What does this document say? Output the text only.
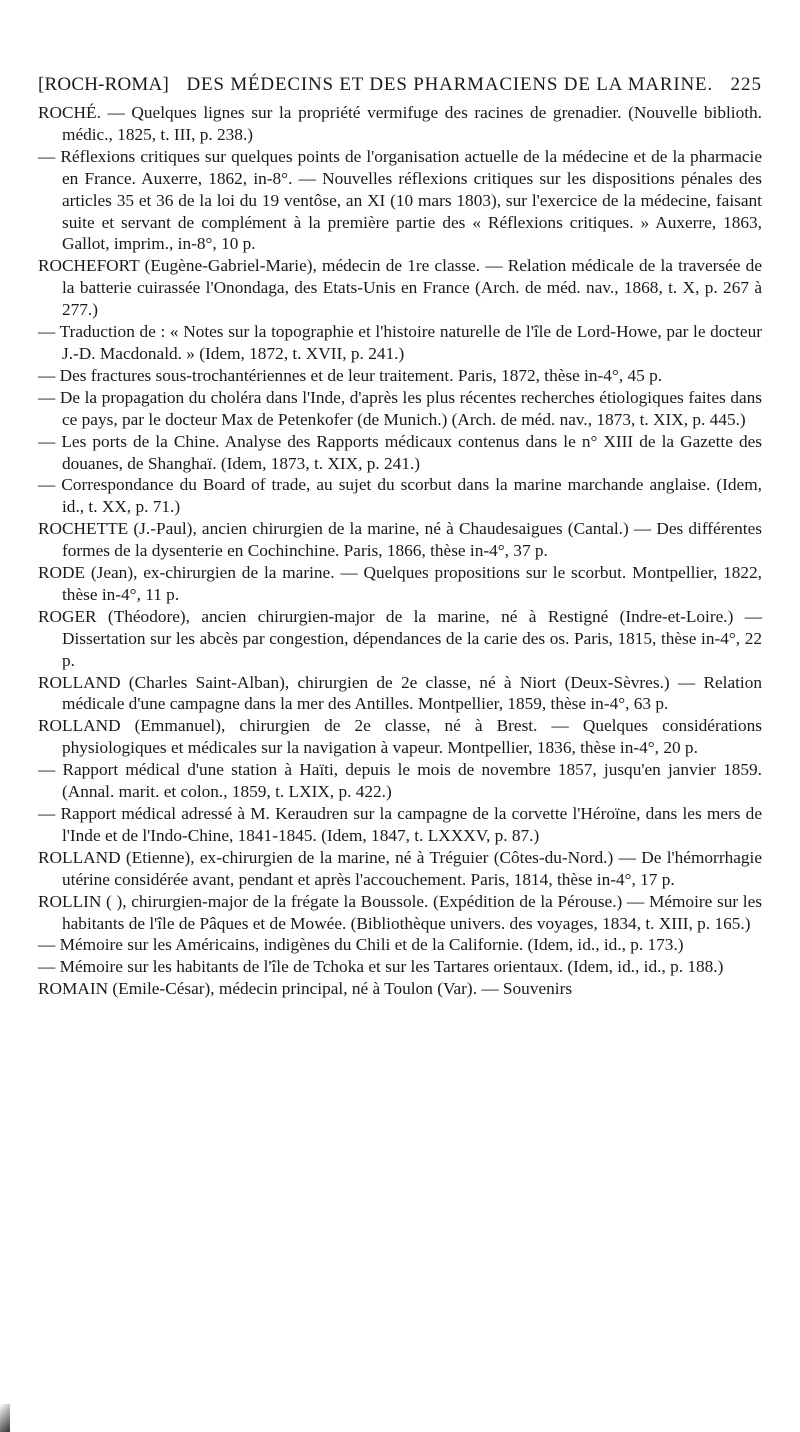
[ROCH-ROMA] DES MÉDECINS ET DES PHARMACIENS DE LA MARINE. 225

ROCHÉ. — Quelques lignes sur la propriété vermifuge des racines de grenadier. (Nouvelle biblioth. médic., 1825, t. III, p. 238.)

— Réflexions critiques sur quelques points de l'organisation actuelle de la médecine et de la pharmacie en France. Auxerre, 1862, in-8°. — Nouvelles réflexions critiques sur les dispositions pénales des articles 35 et 36 de la loi du 19 ventôse, an XI (10 mars 1803), sur l'exercice de la médecine, faisant suite et servant de complément à la première partie des « Réflexions critiques. » Auxerre, 1863, Gallot, imprim., in-8°, 10 p.

ROCHEFORT (Eugène-Gabriel-Marie), médecin de 1re classe. — Relation médicale de la traversée de la batterie cuirassée l'Onondaga, des Etats-Unis en France (Arch. de méd. nav., 1868, t. X, p. 267 à 277.)

— Traduction de : « Notes sur la topographie et l'histoire naturelle de l'île de Lord-Howe, par le docteur J.-D. Macdonald. » (Idem, 1872, t. XVII, p. 241.)

— Des fractures sous-trochantériennes et de leur traitement. Paris, 1872, thèse in-4°, 45 p.

— De la propagation du choléra dans l'Inde, d'après les plus récentes recherches étiologiques faites dans ce pays, par le docteur Max de Petenkofer (de Munich.) (Arch. de méd. nav., 1873, t. XIX, p. 445.)

— Les ports de la Chine. Analyse des Rapports médicaux contenus dans le n° XIII de la Gazette des douanes, de Shanghaï. (Idem, 1873, t. XIX, p. 241.)

— Correspondance du Board of trade, au sujet du scorbut dans la marine marchande anglaise. (Idem, id., t. XX, p. 71.)

ROCHETTE (J.-Paul), ancien chirurgien de la marine, né à Chaudesaigues (Cantal.) — Des différentes formes de la dysenterie en Cochinchine. Paris, 1866, thèse in-4°, 37 p.

RODE (Jean), ex-chirurgien de la marine. — Quelques propositions sur le scorbut. Montpellier, 1822, thèse in-4°, 11 p.

ROGER (Théodore), ancien chirurgien-major de la marine, né à Restigné (Indre-et-Loire.) — Dissertation sur les abcès par congestion, dépendances de la carie des os. Paris, 1815, thèse in-4°, 22 p.

ROLLAND (Charles Saint-Alban), chirurgien de 2e classe, né à Niort (Deux-Sèvres.) — Relation médicale d'une campagne dans la mer des Antilles. Montpellier, 1859, thèse in-4°, 63 p.

ROLLAND (Emmanuel), chirurgien de 2e classe, né à Brest. — Quelques considérations physiologiques et médicales sur la navigation à vapeur. Montpellier, 1836, thèse in-4°, 20 p.

— Rapport médical d'une station à Haïti, depuis le mois de novembre 1857, jusqu'en janvier 1859. (Annal. marit. et colon., 1859, t. LXIX, p. 422.)

— Rapport médical adressé à M. Keraudren sur la campagne de la corvette l'Héroïne, dans les mers de l'Inde et de l'Indo-Chine, 1841-1845. (Idem, 1847, t. LXXXV, p. 87.)

ROLLAND (Etienne), ex-chirurgien de la marine, né à Tréguier (Côtes-du-Nord.) — De l'hémorrhagie utérine considérée avant, pendant et après l'accouchement. Paris, 1814, thèse in-4°, 17 p.

ROLLIN ( ), chirurgien-major de la frégate la Boussole. (Expédition de la Pérouse.) — Mémoire sur les habitants de l'île de Pâques et de Mowée. (Bibliothèque univers. des voyages, 1834, t. XIII, p. 165.)

— Mémoire sur les Américains, indigènes du Chili et de la Californie. (Idem, id., id., p. 173.)

— Mémoire sur les habitants de l'île de Tchoka et sur les Tartares orientaux. (Idem, id., id., p. 188.)

ROMAIN (Emile-César), médecin principal, né à Toulon (Var). — Souvenirs
